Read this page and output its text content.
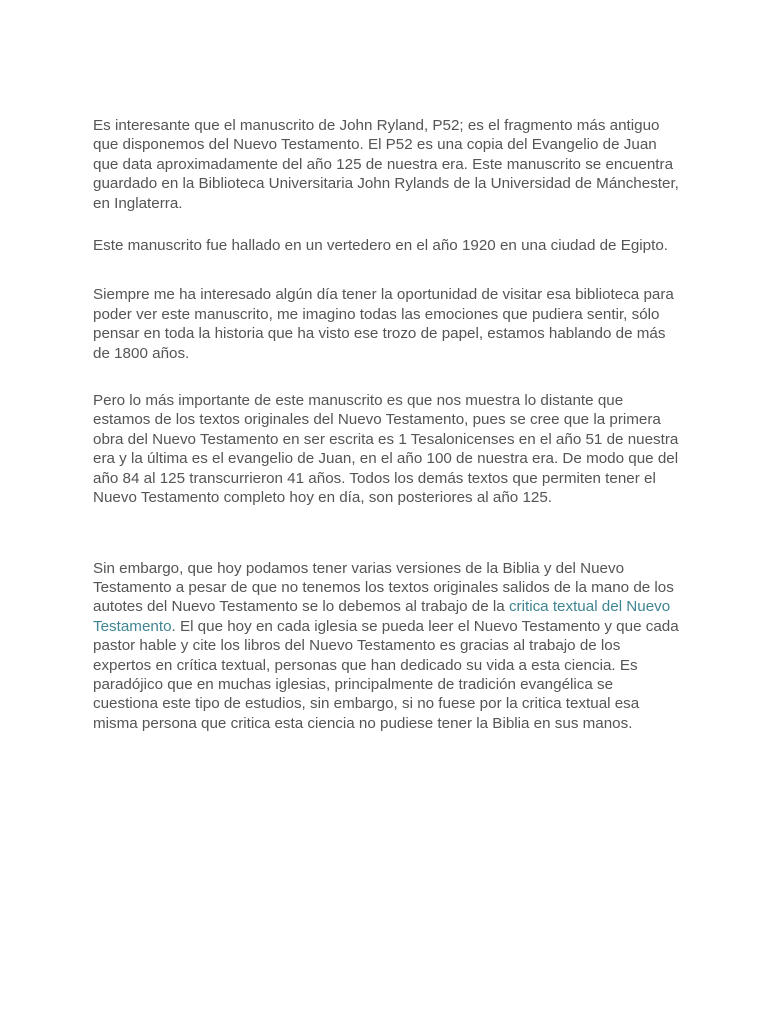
Es interesante que el manuscrito de John Ryland, P52; es el fragmento más antiguo que disponemos del Nuevo Testamento. El P52 es una copia del Evangelio de Juan que data aproximadamente del año 125 de nuestra era. Este manuscrito se encuentra guardado en la Biblioteca Universitaria John Rylands de la Universidad de Mánchester, en Inglaterra.

Este manuscrito fue hallado en un vertedero en el año 1920 en una ciudad de Egipto.

Siempre me ha interesado algún día tener la oportunidad de visitar esa biblioteca para poder ver este manuscrito, me imagino todas las emociones que pudiera sentir, sólo pensar en toda la historia que ha visto ese trozo de papel, estamos hablando de más de 1800 años.

Pero lo más importante de este manuscrito es que nos muestra lo distante que estamos de los textos originales del Nuevo Testamento, pues se cree que la primera obra del Nuevo Testamento en ser escrita es 1 Tesalonicenses en el año 51 de nuestra era y la última es el evangelio de Juan, en el año 100 de nuestra era. De modo que del año 84 al 125 transcurrieron 41 años. Todos los demás textos que permiten tener el Nuevo Testamento completo hoy en día, son posteriores al año 125.

Sin embargo, que hoy podamos tener varias versiones de la Biblia y del Nuevo Testamento a pesar de que no tenemos los textos originales salidos de la mano de los autotes del Nuevo Testamento se lo debemos al trabajo de la critica textual del Nuevo Testamento. El que hoy en cada iglesia se pueda leer el Nuevo Testamento y que cada pastor hable y cite los libros del Nuevo Testamento es gracias al trabajo de los expertos en crítica textual, personas que han dedicado su vida a esta ciencia. Es paradójico que en muchas iglesias, principalmente de tradición evangélica se cuestiona este tipo de estudios, sin embargo, si no fuese por la critica textual esa misma persona que critica esta ciencia no pudiese tener la Biblia en sus manos.
